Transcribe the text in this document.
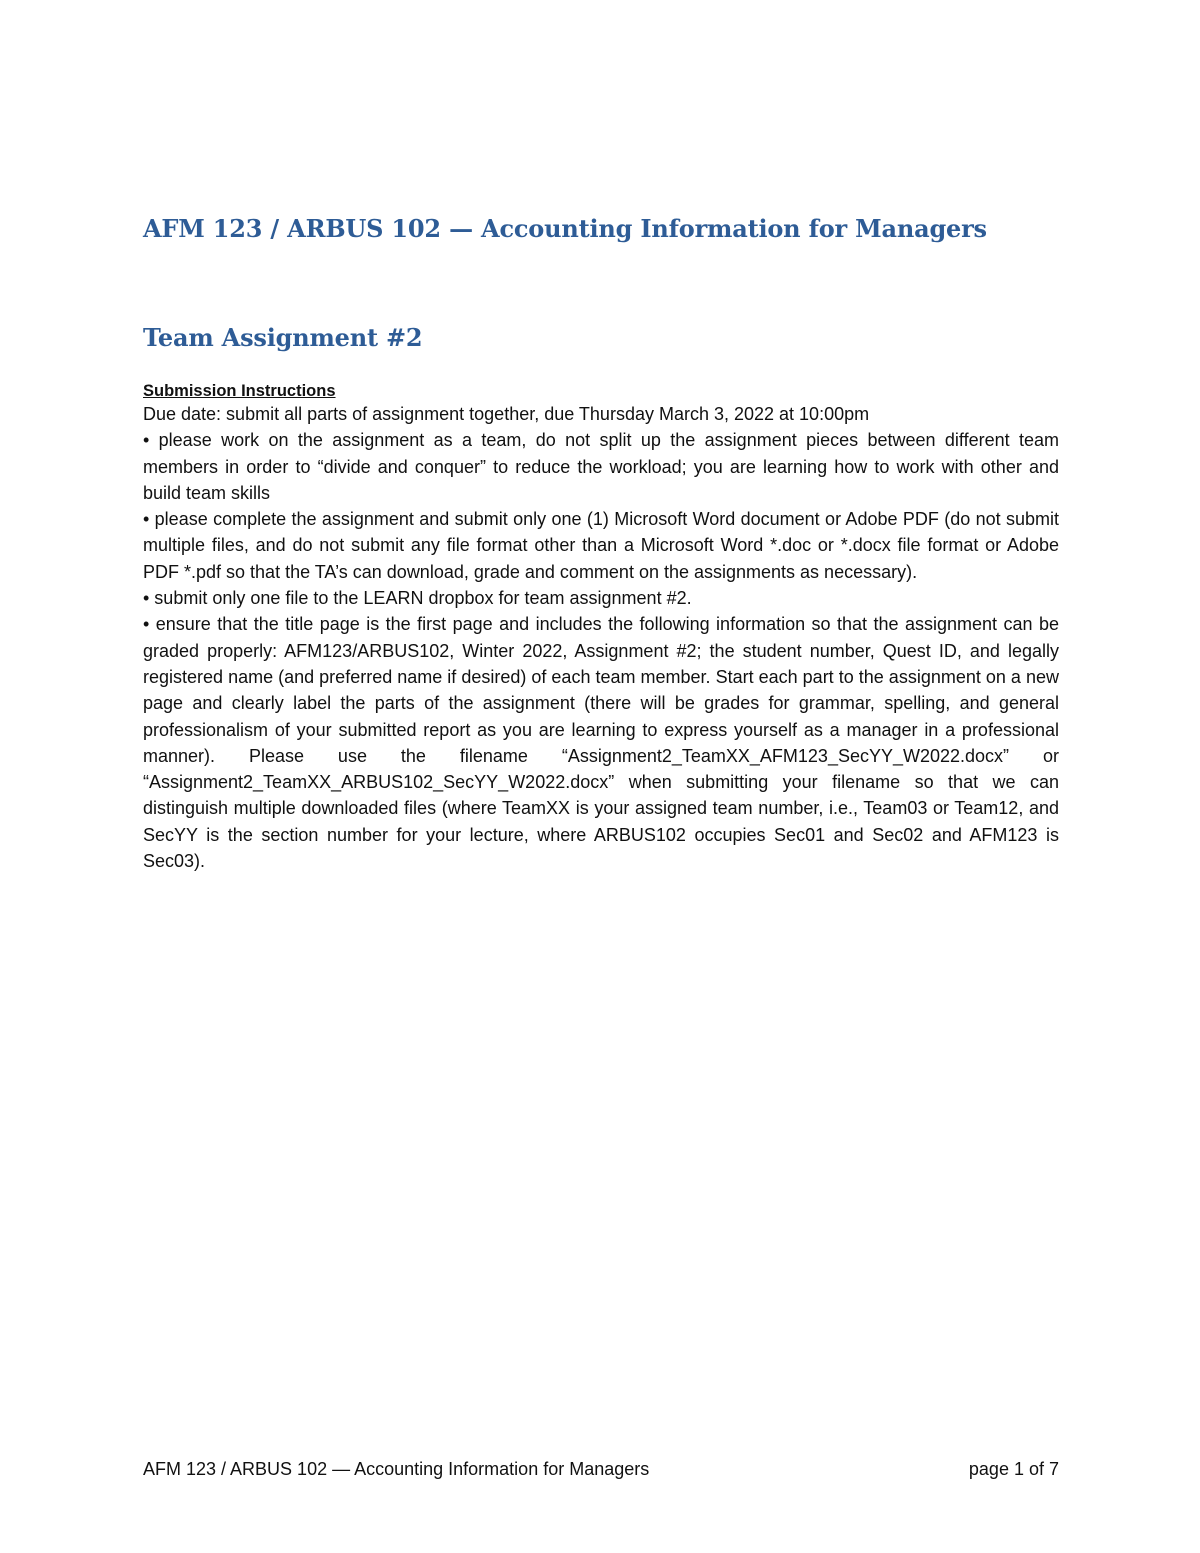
AFM 123 / ARBUS 102 — Accounting Information for Managers
Team Assignment #2
Submission Instructions

Due date: submit all parts of assignment together, due Thursday March 3, 2022 at 10:00pm

• please work on the assignment as a team, do not split up the assignment pieces between different team members in order to “divide and conquer” to reduce the workload; you are learning how to work with other and build team skills

• please complete the assignment and submit only one (1) Microsoft Word document or Adobe PDF (do not submit multiple files, and do not submit any file format other than a Microsoft Word *.doc or *.docx file format or Adobe PDF *.pdf so that the TA’s can download, grade and comment on the assignments as necessary).

• submit only one file to the LEARN dropbox for team assignment #2.

• ensure that the title page is the first page and includes the following information so that the assignment can be graded properly: AFM123/ARBUS102, Winter 2022, Assignment #2; the student number, Quest ID, and legally registered name (and preferred name if desired) of each team member. Start each part to the assignment on a new page and clearly label the parts of the assignment (there will be grades for grammar, spelling, and general professionalism of your submitted report as you are learning to express yourself as a manager in a professional manner). Please use the filename “Assignment2_TeamXX_AFM123_SecYY_W2022.docx” or “Assignment2_TeamXX_ARBUS102_SecYY_W2022.docx” when submitting your filename so that we can distinguish multiple downloaded files (where TeamXX is your assigned team number, i.e., Team03 or Team12, and SecYY is the section number for your lecture, where ARBUS102 occupies Sec01 and Sec02 and AFM123 is Sec03).

AFM 123 / ARBUS 102 — Accounting Information for Managers	page 1 of 7
